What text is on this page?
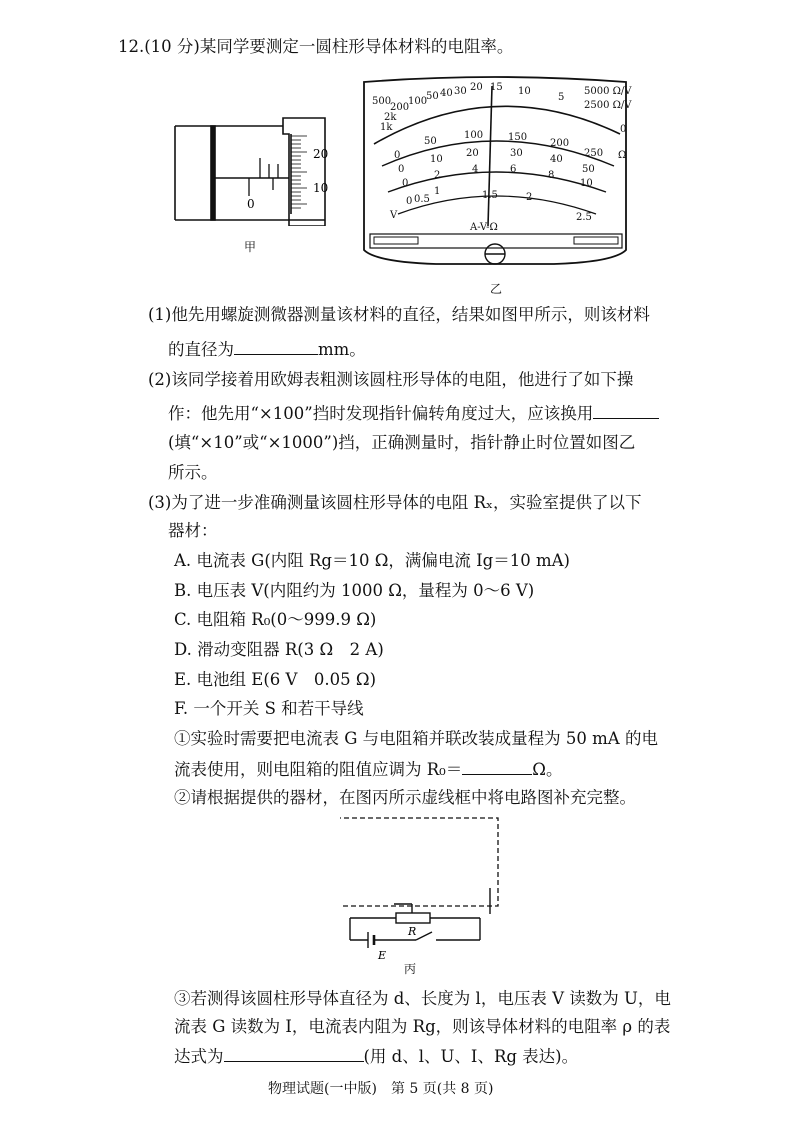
12.(10 分)某同学要测定一圆柱形导体材料的电阻率。
0
20
10
甲
500
200
100
50 40 30 20 15 10
5
0
Ω
5000 Ω/V
2500 Ω/V
1k
2k
0
50
100 150
200
250
0
10
20	30
40
50
0
2
4	6
8
10
0 0.5
1	1.5	2
2.5
V
A-V-Ω
乙
(1)他先用螺旋测微器测量该材料的直径，结果如图甲所示，则该材料
的直径为	mm。
(2)该同学接着用欧姆表粗测该圆柱形导体的电阻，他进行了如下操
作：他先用“×100”挡时发现指针偏转角度过大，应该换用
(填“×10”或“×1000”)挡，正确测量时，指针静止时位置如图乙
所示。
(3)为了进一步准确测量该圆柱形导体的电阻 Rₓ，实验室提供了以下
器材：
A. 电流表 G(内阻 Rg＝10 Ω，满偏电流 Ig＝10 mA)
B. 电压表 V(内阻约为 1000 Ω，量程为 0～6 V)
C. 电阻箱 R₀(0～999.9 Ω)
D. 滑动变阻器 R(3 Ω　2 A)
E. 电池组 E(6 V　0.05 Ω)
F. 一个开关 S 和若干导线
①实验时需要把电流表 G 与电阻箱并联改装成量程为 50 mA 的电
流表使用，则电阻箱的阻值应调为 R₀＝	Ω。
②请根据提供的器材，在图丙所示虚线框中将电路图补充完整。
R
E
丙
③若测得该圆柱形导体直径为 d、长度为 l，电压表 V 读数为 U，电
流表 G 读数为 I，电流表内阻为 Rg，则该导体材料的电阻率 ρ 的表
达式为	(用 d、l、U、I、Rg 表达)。
物理试题(一中版)  第 5 页(共 8 页)
